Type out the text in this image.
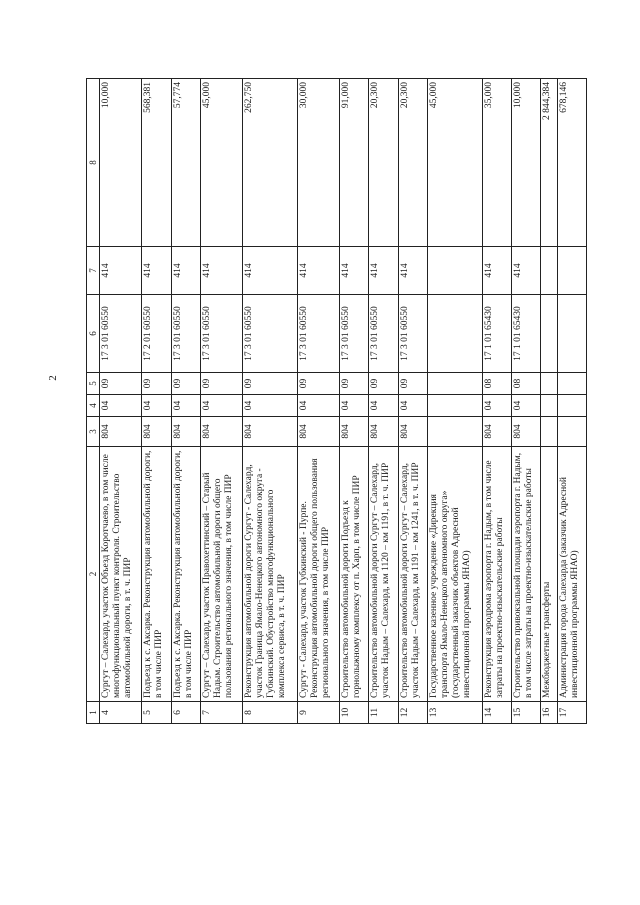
2
1	2	3	4	5	6	7	8
4	Сургут – Салехард, участок Объезд Коротчаево, в том числе многофункциональный пункт контроля. Строительство автомобильной дороги, в т. ч. ПИР	804	04	09	17 3 01 60550	414	10,000
5	Подъезд к с. Аксарка. Реконструкция автомобильной дороги, в том числе ПИР	804	04	09	17 2 01 60550	414	568,381
6	Подъезд к с. Аксарка. Реконструкция автомобильной дороги, в том числе ПИР	804	04	09	17 3 01 60550	414	57,774
7	Сургут – Салехард, участок Правохеттинский – Старый Надым. Строительство автомобильной дороги общего пользования регионального значения, в том числе ПИР	804	04	09	17 3 01 60550	414	45,000
8	Реконструкция автомобильной дороги Сургут - Салехард, участок Граница Ямало-Ненецкого автономного округа - Губкинский. Обустройство многофункционального комплекса сервиса, в т. ч. ПИР	804	04	09	17 3 01 60550	414	262,750
9	Сургут - Салехард, участок Губкинский - Пурпе. Реконструкция автомобильной дороги общего пользования регионального значения, в том числе ПИР	804	04	09	17 3 01 60550	414	30,000
10	Строительство автомобильной дороги Подъезд к горнолыжному комплексу от п. Харп, в том числе ПИР	804	04	09	17 3 01 60550	414	91,000
11	Строительство автомобильной дороги Сургут – Салехард, участок Надым – Салехард, км 1120 – км 1191, в т. ч. ПИР	804	04	09	17 3 01 60550	414	20,300
12	Строительство автомобильной дороги Сургут – Салехард, участок Надым – Салехард, км 1191 – км 1241, в т. ч. ПИР	804	04	09	17 3 01 60550	414	20,300
13	Государственное казенное учреждение «Дирекция транспорта Ямало-Ненецкого автономного округа» (государственный заказчик объектов Адресной инвестиционной программы ЯНАО)						45,000
14	Реконструкция аэродрома аэропорта г. Надым, в том числе затраты на проектно-изыскательские работы	804	04	08	17 1 01 65430	414	35,000
15	Строительство привокзальной площади аэропорта г. Надым, в том числе затраты на проектно-изыскательские работы	804	04	08	17 1 01 65430	414	10,000
16	Межбюджетные трансферты						2 844,384
17	Администрация города Салехарда (заказчик Адресной инвестиционной программы ЯНАО)						678,146
